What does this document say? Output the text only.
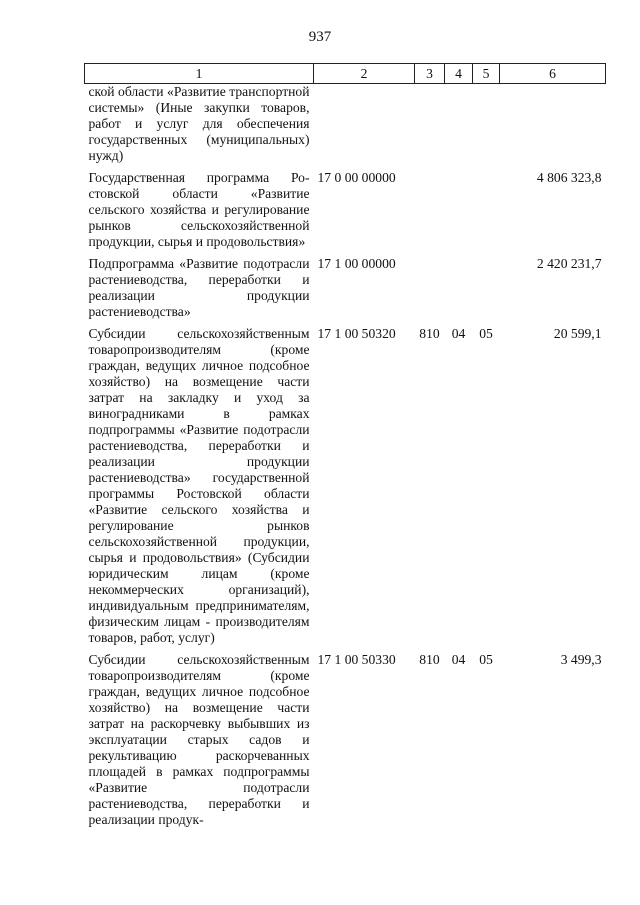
937
1	2	3	4	5	6
ской области «Развитие транспортной системы» (Иные закупки товаров, работ и услуг для обеспечения государственных (муниципальных) нужд)					
Государственная программа Ростовской области «Развитие сельского хозяйства и регулирование рынков сельскохозяйственной продукции, сырья и продовольствия»	17 0 00 00000				4 806 323,8
Подпрограмма «Развитие подотрасли растениеводства, переработки и реализации продукции растениеводства»	17 1 00 00000				2 420 231,7
Субсидии сельскохозяйственным товаропроизводителям (кроме граждан, ведущих личное подсобное хозяйство) на возмещение части затрат на закладку и уход за виноградниками в рамках подпрограммы «Развитие подотрасли растениеводства, переработки и реализации продукции растениеводства» государственной программы Ростовской области «Развитие сельского хозяйства и регулирование рынков сельскохозяйственной продукции, сырья и продовольствия» (Субсидии юридическим лицам (кроме некоммерческих организаций), индивидуальным предпринимателям, физическим лицам - производителям товаров, работ, услуг)	17 1 00 50320	810	04	05	20 599,1
Субсидии сельскохозяйственным товаропроизводителям (кроме граждан, ведущих личное подсобное хозяйство) на возмещение части затрат на раскорчевку выбывших из эксплуатации старых садов и рекультивацию раскорчеванных площадей в рамках подпрограммы «Развитие подотрасли растениеводства, переработки и реализации продук-	17 1 00 50330	810	04	05	3 499,3
